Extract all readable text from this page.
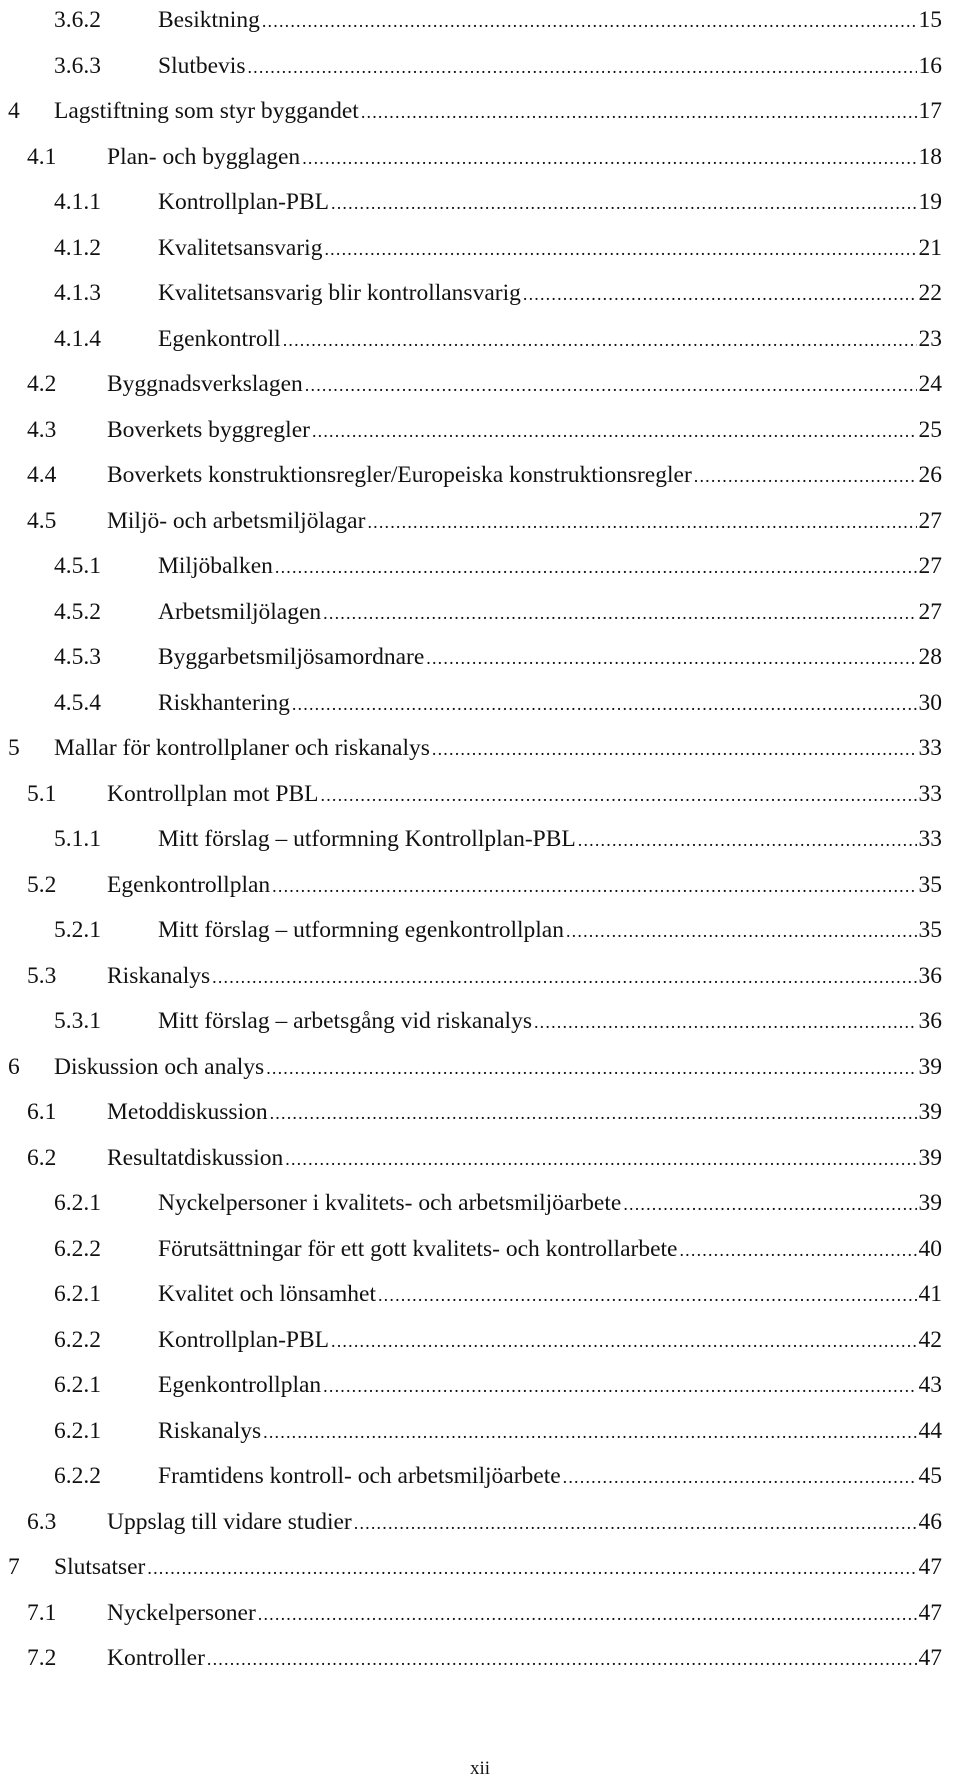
3.6.2	Besiktning .....	15
3.6.3	Slutbevis .....	16
4	Lagstiftning som styr byggandet .....	17
4.1	Plan- och bygglagen .....	18
4.1.1	Kontrollplan-PBL .....	19
4.1.2	Kvalitetsansvarig .....	21
4.1.3	Kvalitetsansvarig blir kontrollansvarig .....	22
4.1.4	Egenkontroll .....	23
4.2	Byggnadsverkslagen .....	24
4.3	Boverkets byggregler .....	25
4.4	Boverkets konstruktionsregler/Europeiska konstruktionsregler .....	26
4.5	Miljö- och arbetsmiljölagar .....	27
4.5.1	Miljöbalken .....	27
4.5.2	Arbetsmiljölagen .....	27
4.5.3	Byggarbetsmiljösamordnare .....	28
4.5.4	Riskhantering .....	30
5	Mallar för kontrollplaner och riskanalys .....	33
5.1	Kontrollplan mot PBL .....	33
5.1.1	Mitt förslag – utformning Kontrollplan-PBL .....	33
5.2	Egenkontrollplan .....	35
5.2.1	Mitt förslag – utformning egenkontrollplan .....	35
5.3	Riskanalys .....	36
5.3.1	Mitt förslag – arbetsgång vid riskanalys .....	36
6	Diskussion och analys .....	39
6.1	Metoddiskussion .....	39
6.2	Resultatdiskussion .....	39
6.2.1	Nyckelpersoner i kvalitets- och arbetsmiljöarbete .....	39
6.2.2	Förutsättningar för ett gott kvalitets- och kontrollarbete .....	40
6.2.1	Kvalitet och lönsamhet .....	41
6.2.2	Kontrollplan-PBL .....	42
6.2.1	Egenkontrollplan .....	43
6.2.1	Riskanalys .....	44
6.2.2	Framtidens kontroll- och arbetsmiljöarbete .....	45
6.3	Uppslag till vidare studier .....	46
7	Slutsatser .....	47
7.1	Nyckelpersoner .....	47
7.2	Kontroller .....	47
xii
